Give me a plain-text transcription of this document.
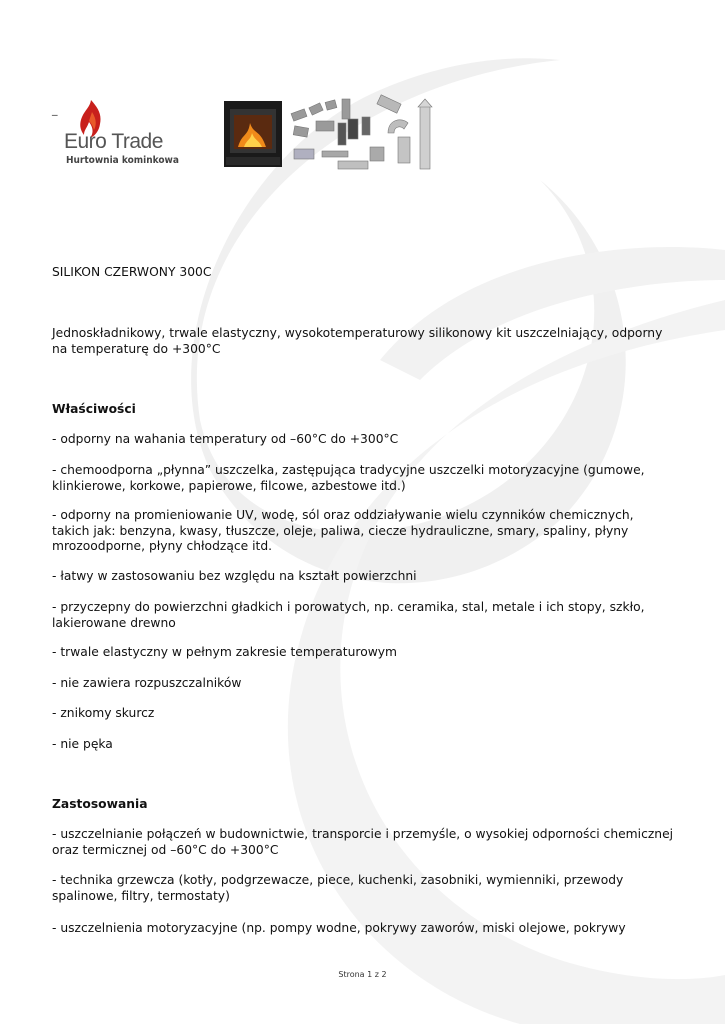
_
Euro Trade
Hurtownia kominkowa
SILIKON CZERWONY 300C

Jednoskładnikowy, trwale elastyczny, wysokotemperaturowy silikonowy kit uszczelniający, odporny

na temperaturę do +300°C

Właściwości

- odporny na wahania temperatury od –60°C do +300°C

- chemoodporna „płynna” uszczelka, zastępująca tradycyjne uszczelki motoryzacyjne (gumowe,

klinkierowe, korkowe, papierowe, filcowe, azbestowe itd.)

- odporny na promieniowanie UV, wodę, sól oraz oddziaływanie wielu czynników chemicznych,

takich jak: benzyna, kwasy, tłuszcze, oleje, paliwa, ciecze hydrauliczne, smary, spaliny, płyny

mrozoodporne, płyny chłodzące itd.

- łatwy w zastosowaniu bez względu na kształt powierzchni

- przyczepny do powierzchni gładkich i porowatych, np. ceramika, stal, metale i ich stopy, szkło,

lakierowane drewno

- trwale elastyczny w pełnym zakresie temperaturowym

- nie zawiera rozpuszczalników

- znikomy skurcz

- nie pęka

Zastosowania

- uszczelnianie połączeń w budownictwie, transporcie i przemyśle, o wysokiej odporności chemicznej

oraz termicznej od –60°C do +300°C

- technika grzewcza (kotły, podgrzewacze, piece, kuchenki, zasobniki, wymienniki, przewody

spalinowe, filtry, termostaty)

- uszczelnienia motoryzacyjne (np. pompy wodne, pokrywy zaworów, miski olejowe, pokrywy

Strona 1 z 2
